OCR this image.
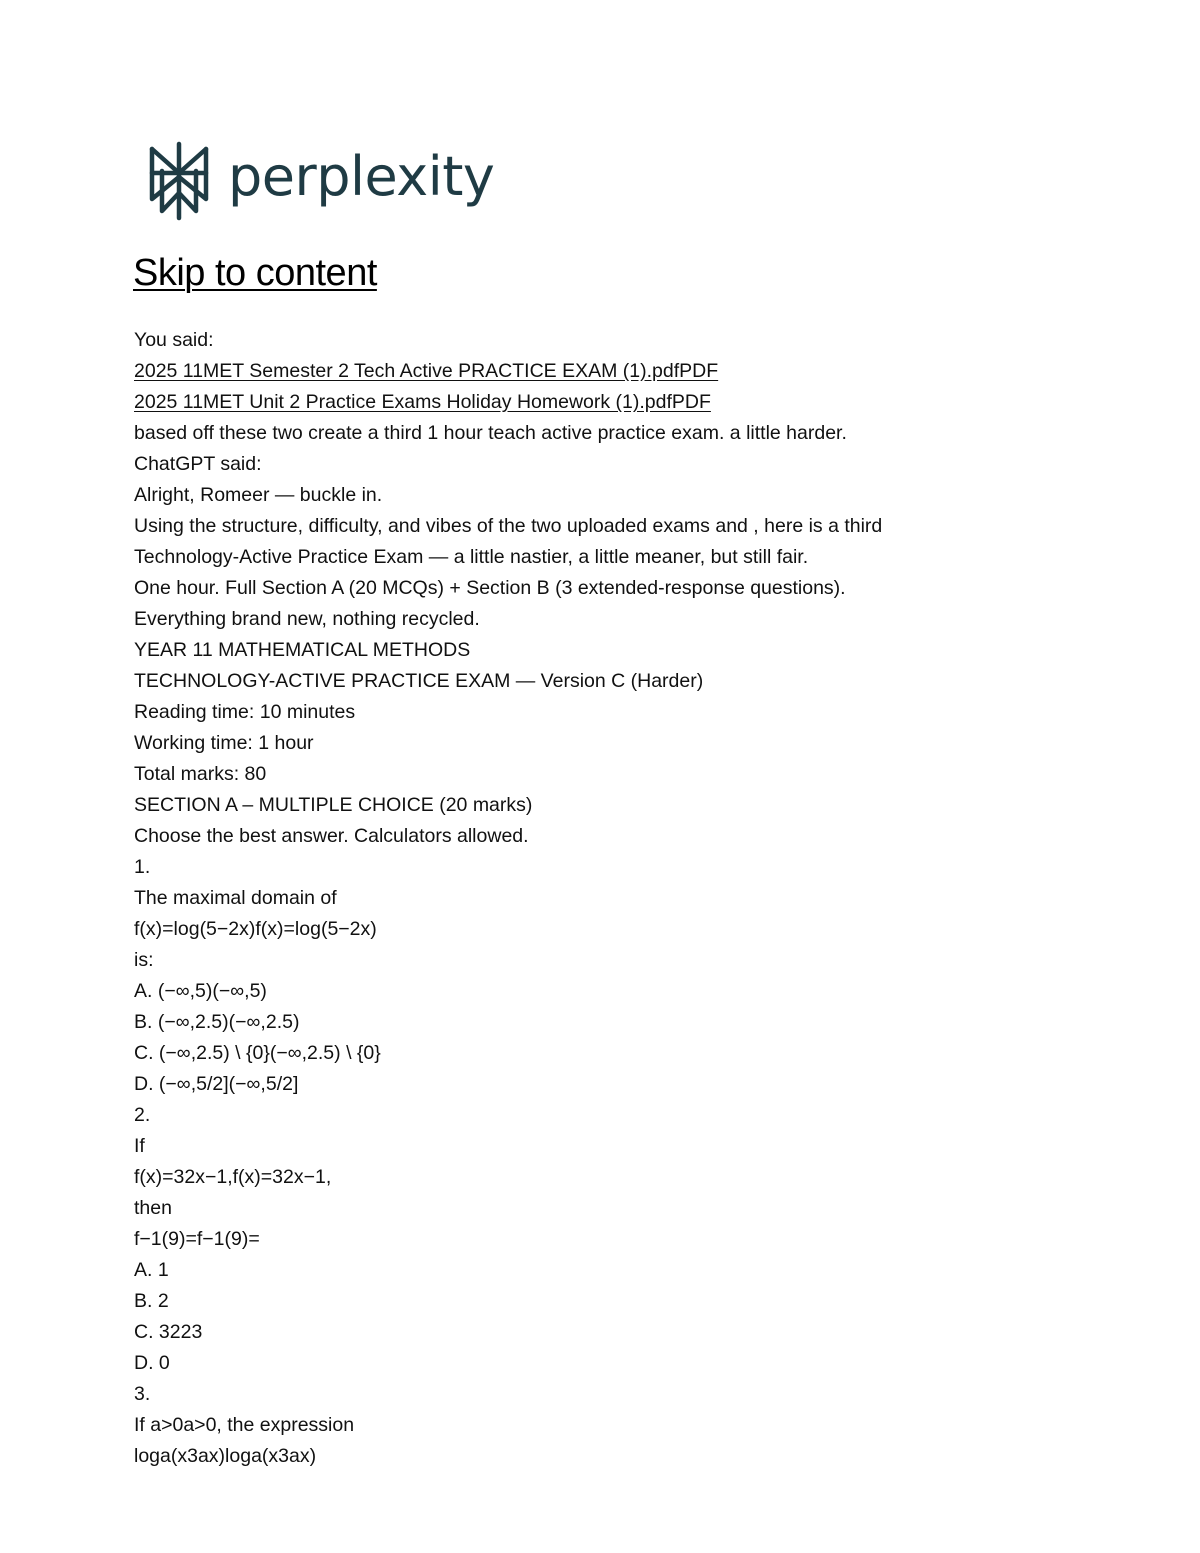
perplexity
Skip to content
You said:
2025 11MET Semester 2 Tech Active PRACTICE EXAM (1).pdfPDF
2025 11MET Unit 2 Practice Exams Holiday Homework (1).pdfPDF
based off these two create a third 1 hour teach active practice exam. a little harder.
ChatGPT said:
Alright, Romeer — buckle in.
Using the structure, difficulty, and vibes of the two uploaded exams and , here is a third
Technology-Active Practice Exam — a little nastier, a little meaner, but still fair.
One hour. Full Section A (20 MCQs) + Section B (3 extended-response questions).
Everything brand new, nothing recycled.
YEAR 11 MATHEMATICAL METHODS
TECHNOLOGY-ACTIVE PRACTICE EXAM — Version C (Harder)
Reading time: 10 minutes
Working time: 1 hour
Total marks: 80
SECTION A – MULTIPLE CHOICE (20 marks)
Choose the best answer. Calculators allowed.
1.
The maximal domain of
f(x)=log(5−2x)f(x)=log(5−2x)
is:
A. (−∞,5)(−∞,5)
B. (−∞,2.5)(−∞,2.5)
C. (−∞,2.5) \ {0}(−∞,2.5) \ {0}
D. (−∞,5/2](−∞,5/2]
2.
If
f(x)=32x−1,f(x)=32x−1,
then
f−1(9)=f−1(9)=
A. 1
B. 2
C. 3223
D. 0
3.
If a>0a>0, the expression
loga(x3ax)loga(x3ax)
